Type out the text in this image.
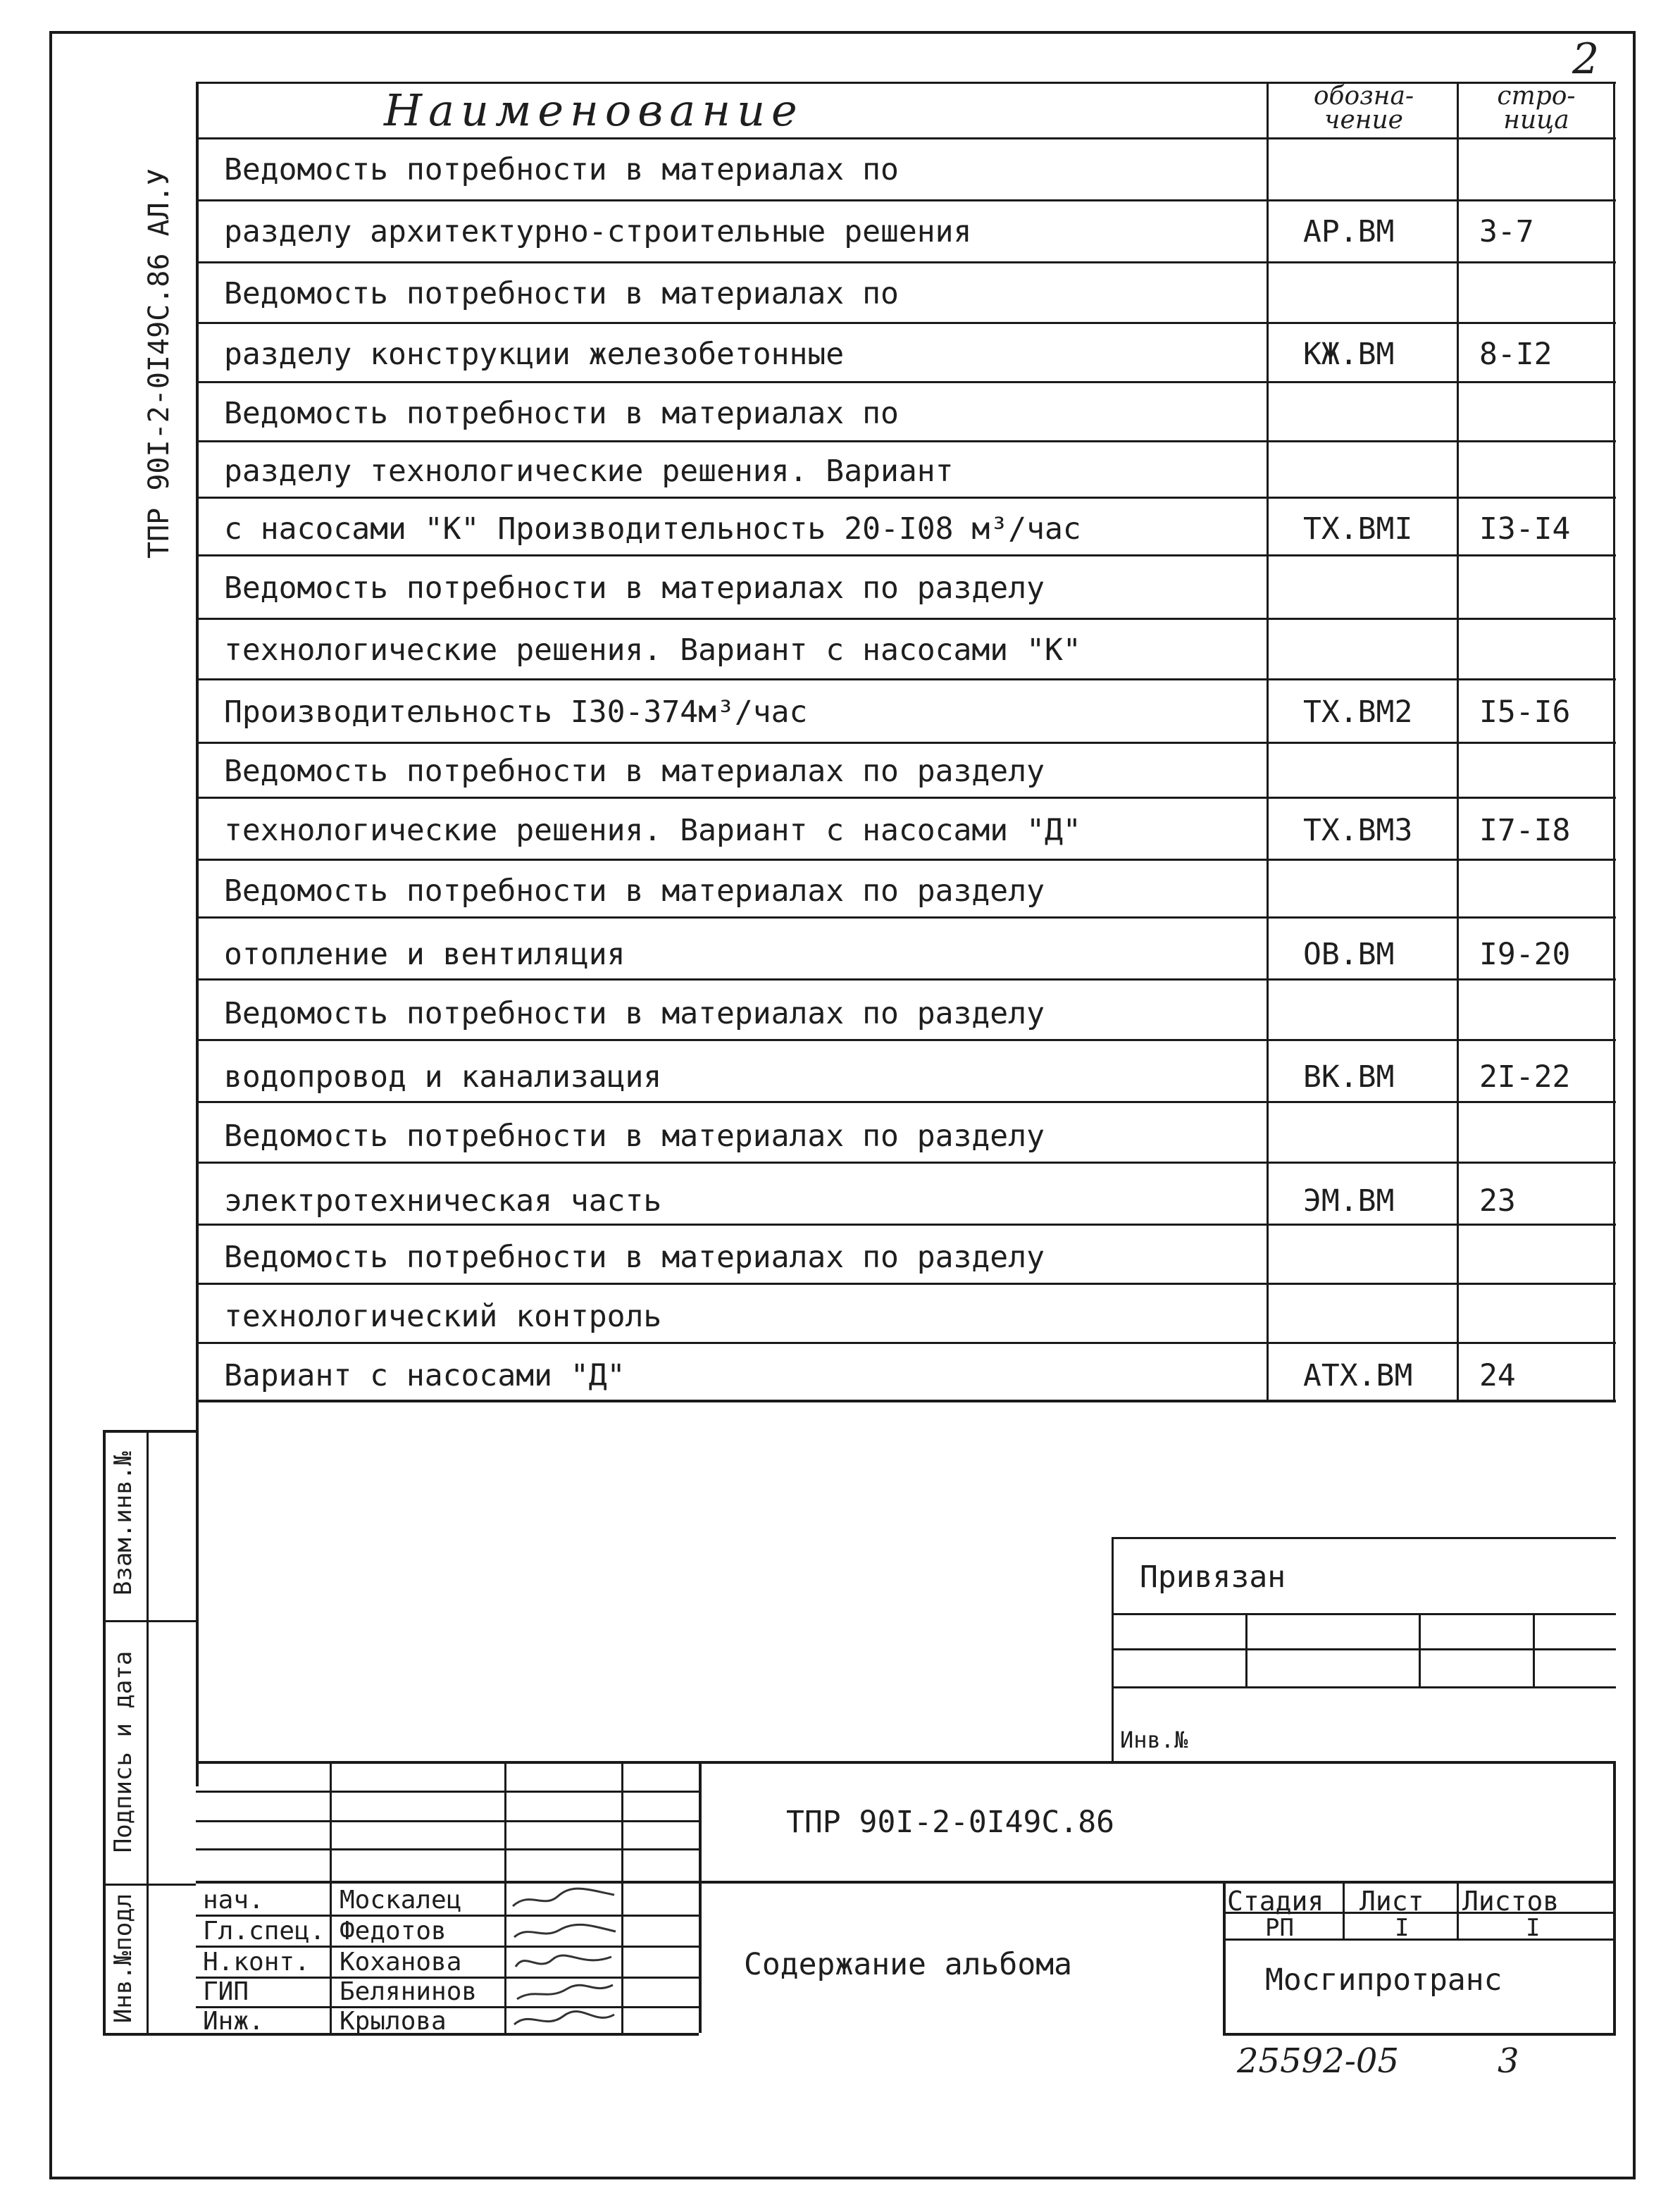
2
ТПР 90I-2-0I49С.86 АЛ.У
Наименование	обозна- чение
стро- ница
Ведомость потребности в материалах по
разделу архитектурно-строительные решения	АР.ВМ	3-7
Ведомость потребности в материалах по
разделу конструкции железобетонные	КЖ.ВМ	8-I2
Ведомость потребности в материалах по
разделу технологические решения. Вариант
с насосами "К" Производительность 20-I08 м³/час	ТХ.ВМI I3-I4
Ведомость потребности в материалах по разделу
технологические решения. Вариант с насосами "К"
Производительность I30-374м³/час	ТХ.ВМ2 I5-I6
Ведомость потребности в материалах по разделу
технологические решения. Вариант с насосами "Д"	ТХ.ВМ3 I7-I8
Ведомость потребности в материалах по разделу
отопление и вентиляция	ОВ.ВМ	I9-20
Ведомость потребности в материалах по разделу
водопровод и канализация	ВК.ВМ	2I-22
Ведомость потребности в материалах по разделу
электротехническая часть	ЭМ.ВМ	23
Ведомость потребности в материалах по разделу
технологический контроль
Вариант с насосами "Д"	АТХ.ВМ 24
Взам.инв.№
Подпись и дата
Инв.№подл
Привязан
Инв.№
ТПР 90I-2-0I49С.86
Содержание альбома
Стадия Лист Листов
РП	I	I
Мосгипротранс
нач.	Москалец
Гл.спец. Федотов
Н.конт. Коханова
ГИП	Белянинов
Инж.	Крылова
25592-05	3
